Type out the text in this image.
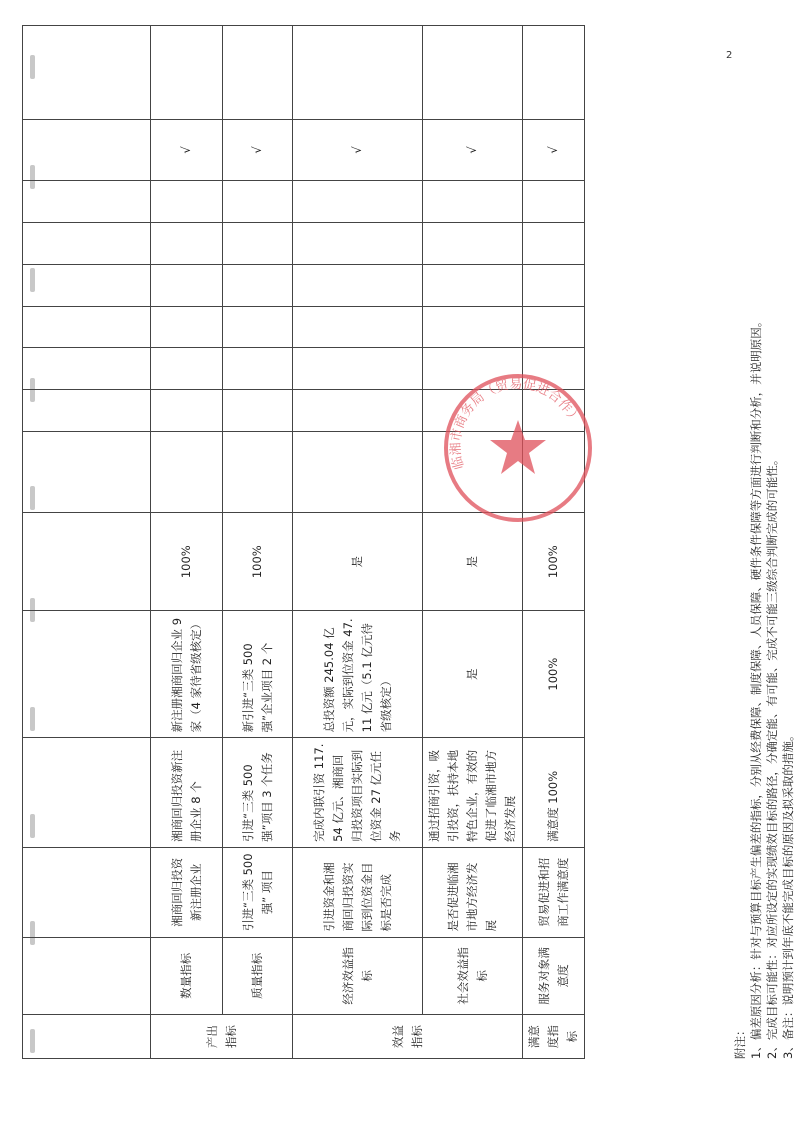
2

产出指标	数量指标	湘商回归投资新注册企业	湘商回归投资新注册企业 8 个	新注册湘商回归企业 9 家（4 家待省级核定）	100%								√	
	质量指标	引进“三类 500 强” 项目	引进“三类 500 强”项目 3 个任务	新引进“三类 500 强”企业项目 2 个	100%								√	
效益指标	经济效益指标	引进资金和湘商回归投资实际到位资金目标是否完成	完成内联引资 117.54 亿元、湘商回归投资项目实际到位资金 27 亿元任务	总投资额 245.04 亿元，实际到位资金 47.11 亿元（5.1 亿元待省级核定）	是								√	
	社会效益指标	是否促进临湘市地方经济发展	通过招商引资，吸引投资，扶持本地特色企业，有效的促进了临湘市地方经济发展	是	是								√	
满意度指标	服务对象满意度	贸易促进和招商工作满意度	满意度 100%	100%	100%								√	
附注： 1、偏差原因分析：针对与预算目标产生偏差的指标，分别从经费保障、制度保障、人员保障、硬件条件保障等方面进行判断和分析，并说明原因。 2、完成目标可能性：对应所设定的实现绩效目标的路径，分确定能、有可能、完成不可能三级综合判断完成的可能性。 3、备注：说明预计到年底不能完成目标的原因及拟采取的措施。
临湘市商务局（贸易促进合作）
